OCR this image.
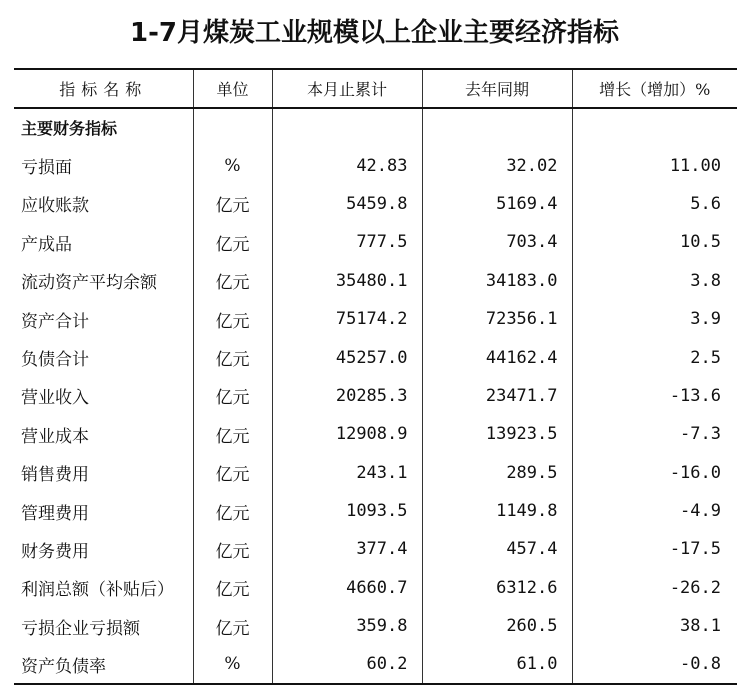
1-7月煤炭工业规模以上企业主要经济指标
指标名称	单位	本月止累计	去年同期	增长（增加）%
主要财务指标				
亏损面	%	42.83	32.02	11.00
应收账款	亿元	5459.8	5169.4	5.6
产成品	亿元	777.5	703.4	10.5
流动资产平均余额	亿元	35480.1	34183.0	3.8
资产合计	亿元	75174.2	72356.1	3.9
负债合计	亿元	45257.0	44162.4	2.5
营业收入	亿元	20285.3	23471.7	-13.6
营业成本	亿元	12908.9	13923.5	-7.3
销售费用	亿元	243.1	289.5	-16.0
管理费用	亿元	1093.5	1149.8	-4.9
财务费用	亿元	377.4	457.4	-17.5
利润总额（补贴后）	亿元	4660.7	6312.6	-26.2
亏损企业亏损额	亿元	359.8	260.5	38.1
资产负债率	%	60.2	61.0	-0.8
